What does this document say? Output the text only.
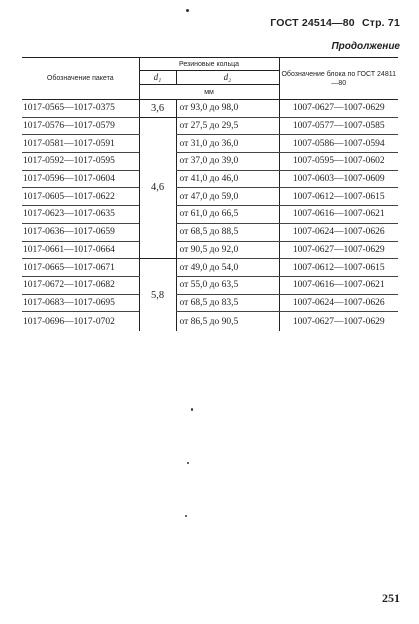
ГОСТ 24514—80 Стр. 71
Продолжение
Обозначение пакета	Резиновые кольца		Обозначение блока по ГОСТ 24811—80
	d₁	d₂	
	мм		
1017-0565—1017-0375	3,6	от 93,0 до 98,0	1007-0627—1007-0629
1017-0576—1017-0579	4,6	от 27,5 до 29,5	1007-0577—1007-0585
1017-0581—1017-0591		от 31,0 до 36,0	1007-0586—1007-0594
1017-0592—1017-0595		от 37,0 до 39,0	1007-0595—1007-0602
1017-0596—1017-0604		от 41,0 до 46,0	1007-0603—1007-0609
1017-0605—1017-0622		от 47,0 до 59,0	1007-0612—1007-0615
1017-0623—1017-0635		от 61,0 до 66,5	1007-0616—1007-0621
1017-0636—1017-0659		от 68,5 до 88,5	1007-0624—1007-0626
1017-0661—1017-0664		от 90,5 до 92,0	1007-0627—1007-0629
1017-0665—1017-0671	5,8	от 49,0 до 54,0	1007-0612—1007-0615
1017-0672—1017-0682		от 55,0 до 63,5	1007-0616—1007-0621
1017-0683—1017-0695		от 68,5 до 83,5	1007-0624—1007-0626
1017-0696—1017-0702		от 86,5 до 90,5	1007-0627—1007-0629
251
